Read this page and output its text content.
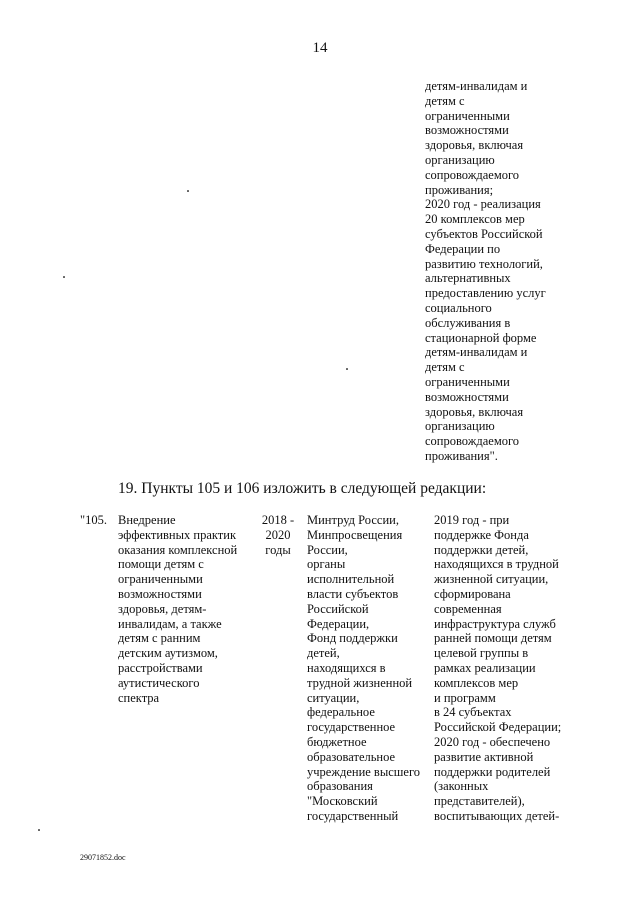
14
детям-инвалидам и
детям с
ограниченными
возможностями
здоровья, включая
организацию
сопровождаемого
проживания;
2020 год - реализация
20 комплексов мер
субъектов Российской
Федерации по
развитию технологий,
альтернативных
предоставлению услуг
социального
обслуживания в
стационарной форме
детям-инвалидам и
детям с
ограниченными
возможностями
здоровья, включая
организацию
сопровождаемого
проживания".
19. Пункты 105 и 106 изложить в следующей редакции:
"105. Внедрение
эффективных практик
оказания комплексной
помощи детям с
ограниченными
возможностями
здоровья, детям-
инвалидам, а также
детям с ранним
детским аутизмом,
расстройствами
аутистического
спектра
2018 -
2020
годы
Минтруд России,
Минпросвещения
России,
органы
исполнительной
власти субъектов
Российской
Федерации,
Фонд поддержки
детей,
находящихся в
трудной жизненной
ситуации,
федеральное
государственное
бюджетное
образовательное
учреждение высшего
образования
"Московский
государственный
2019 год - при
поддержке Фонда
поддержки детей,
находящихся в трудной
жизненной ситуации,
сформирована
современная
инфраструктура служб
ранней помощи детям
целевой группы в
рамках реализации
комплексов мер
и программ
в 24 субъектах
Российской Федерации;
2020 год - обеспечено
развитие активной
поддержки родителей
(законных
представителей),
воспитывающих детей-
29071852.doc
